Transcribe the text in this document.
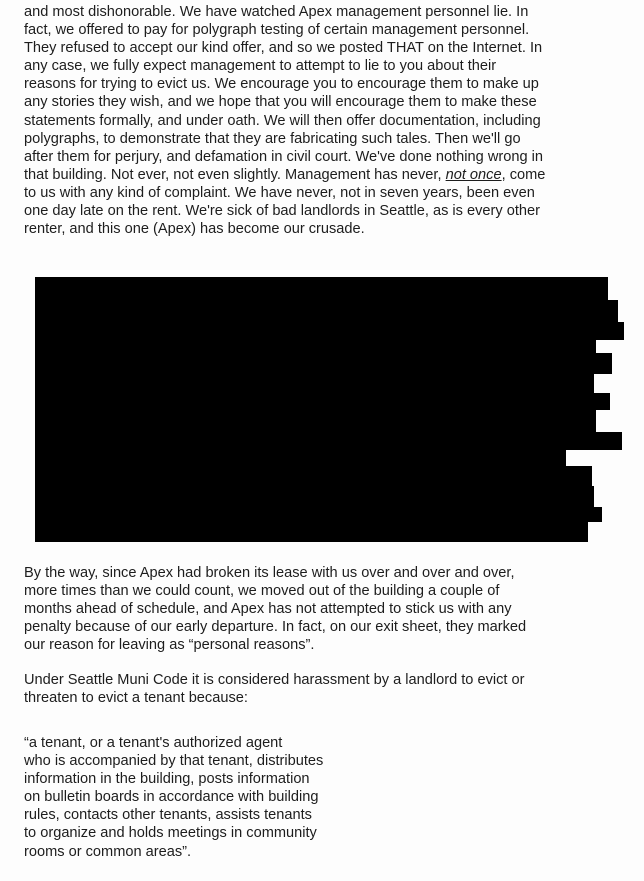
and most dishonorable. We have watched Apex management personnel lie. In
fact, we offered to pay for polygraph testing of certain management personnel.
They refused to accept our kind offer, and so we posted THAT on the Internet. In
any case, we fully expect management to attempt to lie to you about their
reasons for trying to evict us. We encourage you to encourage them to make up
any stories they wish, and we hope that you will encourage them to make these
statements formally, and under oath. We will then offer documentation, including
polygraphs, to demonstrate that they are fabricating such tales. Then we'll go
after them for perjury, and defamation in civil court. We've done nothing wrong in
that building. Not ever, not even slightly. Management has never, not once, come
to us with any kind of complaint. We have never, not in seven years, been even
one day late on the rent. We're sick of bad landlords in Seattle, as is every other
renter, and this one (Apex) has become our crusade.
By the way, since Apex had broken its lease with us over and over and over,
more times than we could count, we moved out of the building a couple of
months ahead of schedule, and Apex has not attempted to stick us with any
penalty because of our early departure. In fact, on our exit sheet, they marked
our reason for leaving as “personal reasons”.
Under Seattle Muni Code it is considered harassment by a landlord to evict or
threaten to evict a tenant because:
“a tenant, or a tenant's authorized agent
who is accompanied by that tenant, distributes
information in the building, posts information
on bulletin boards in accordance with building
rules, contacts other tenants, assists tenants
to organize and holds meetings in community
rooms or common areas”.
